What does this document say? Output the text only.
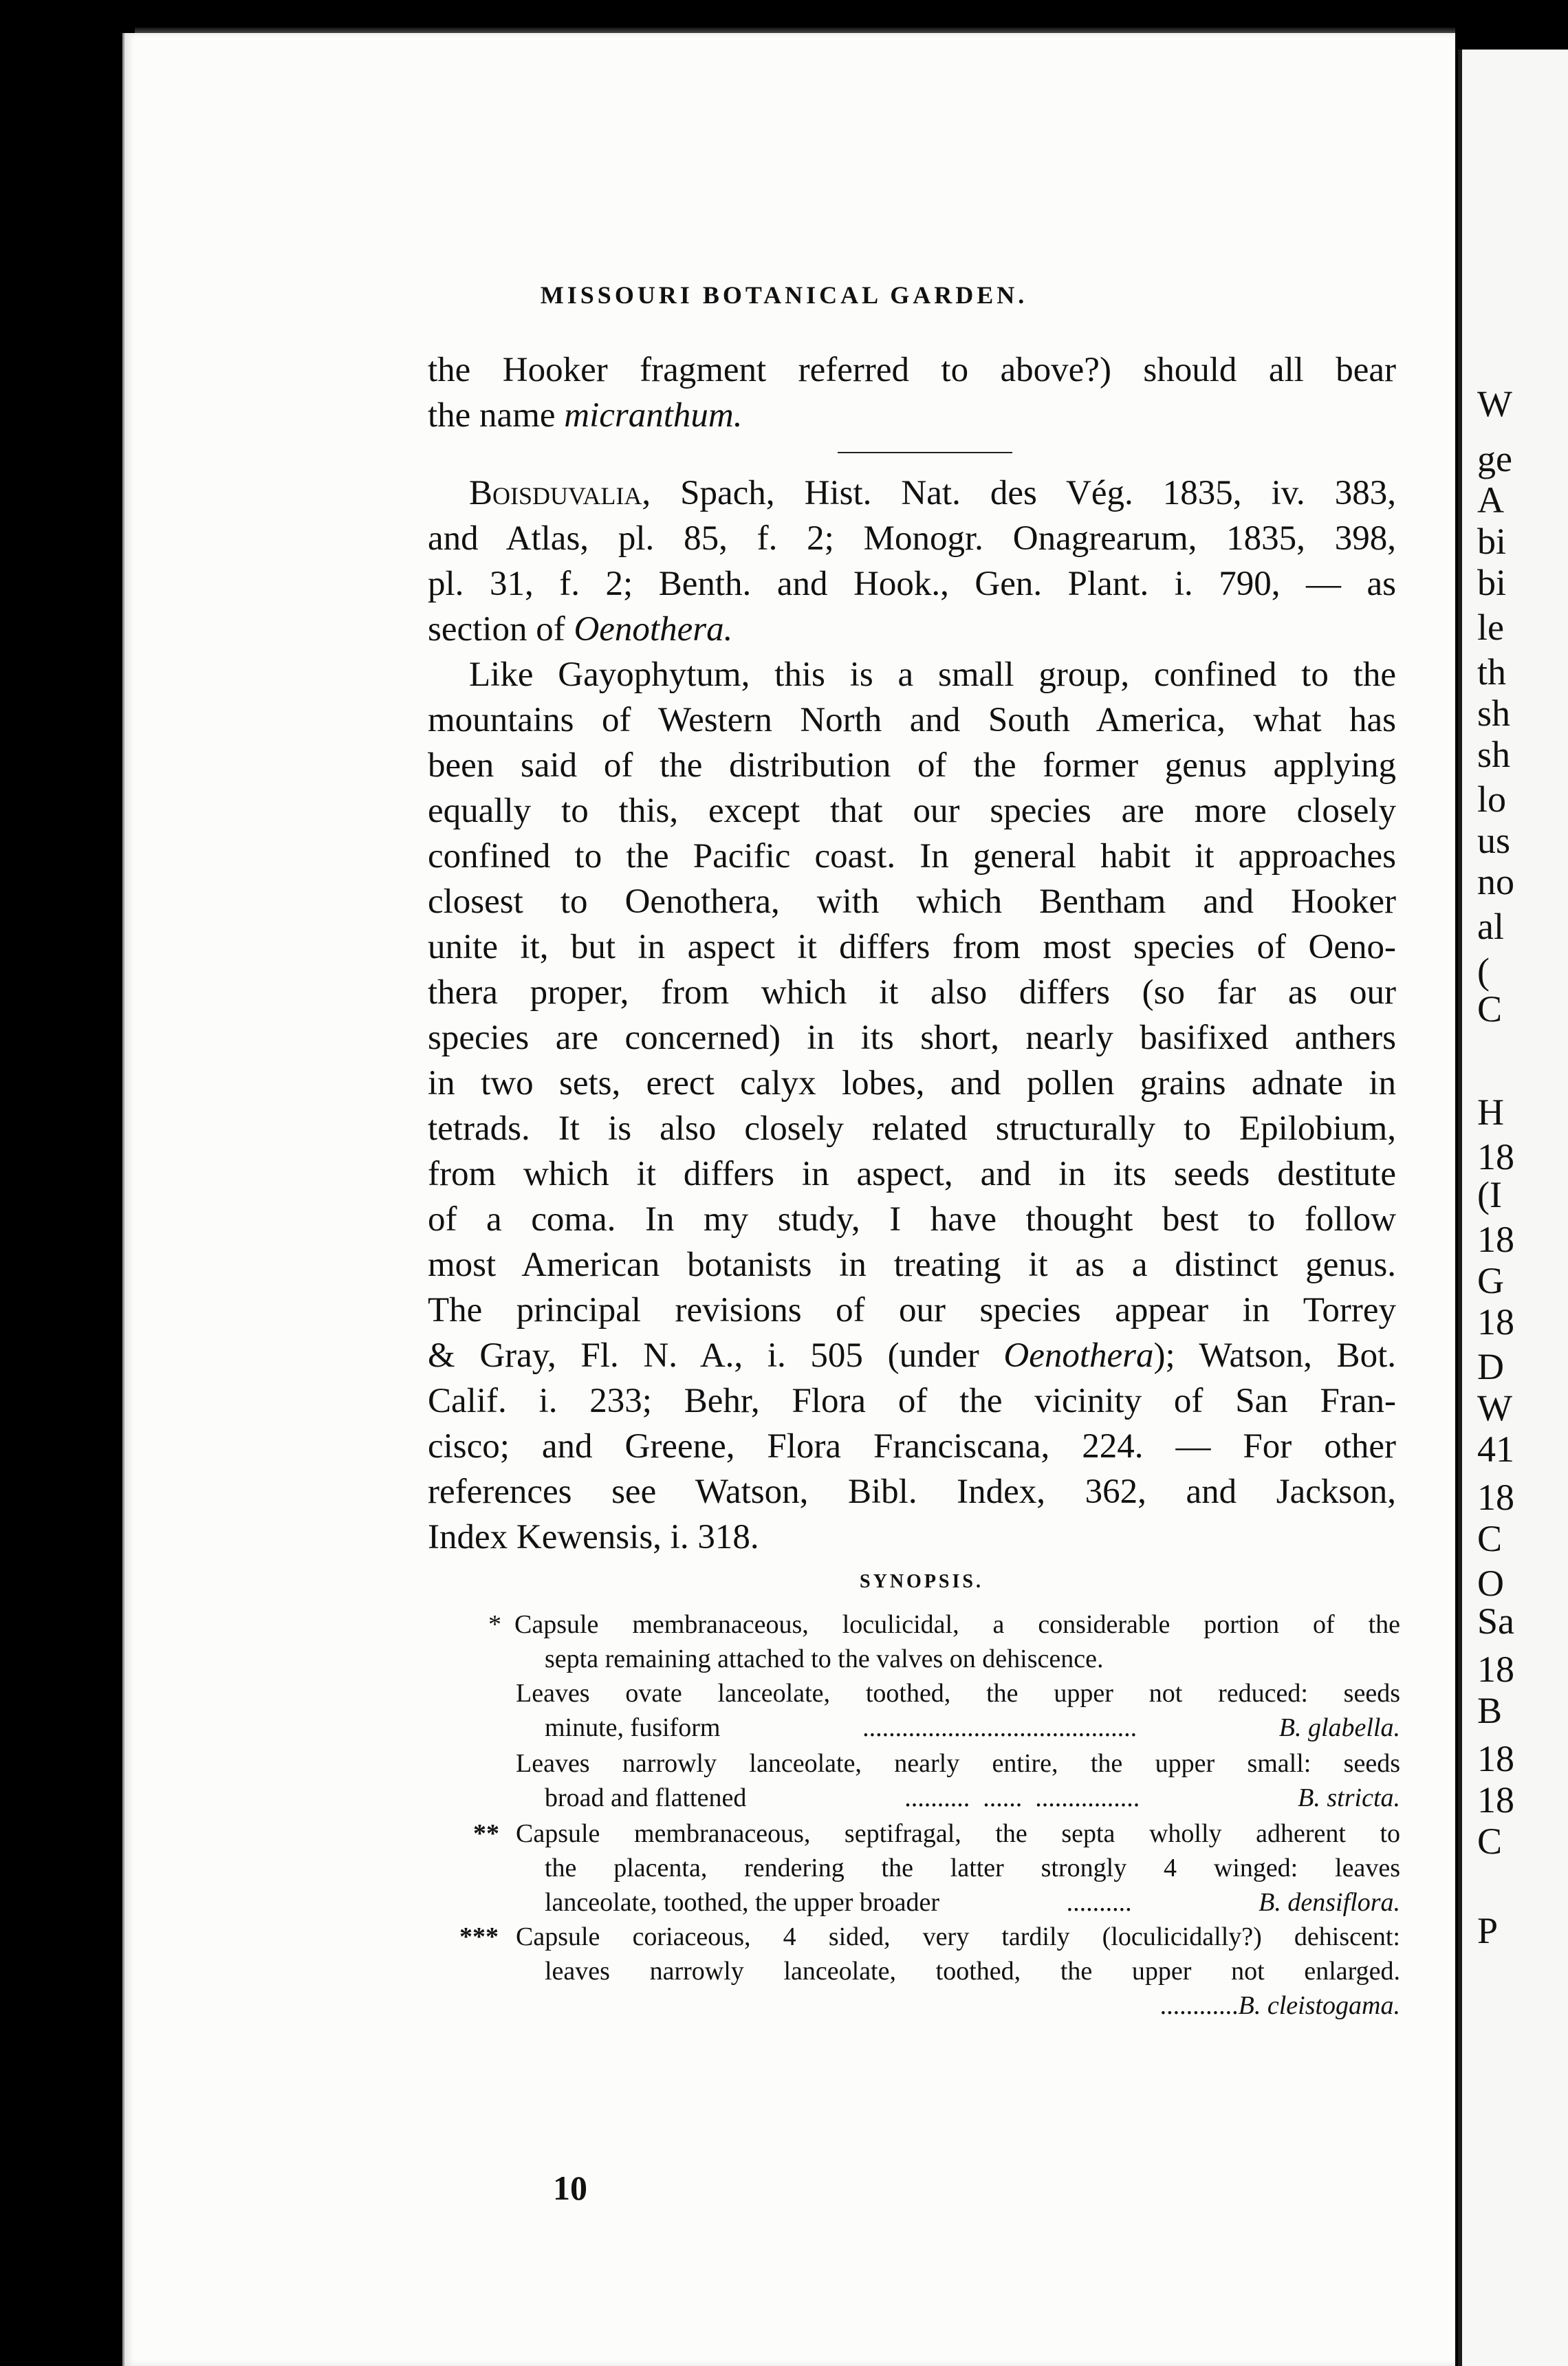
W
ge
A
bi
bi
le
th
sh
sh
lo
us
no
al
(
C
H
18
(I
18
G
18
D
W
41
18
C
O
Sa
18
B
18
18
C
P
MISSOURI BOTANICAL GARDEN.
the Hooker fragment referred to above?) should all bear
the name micranthum.
Boisduvalia, Spach, Hist. Nat. des Vég. 1835, iv. 383,
and Atlas, pl. 85, f. 2; Monogr. Onagrearum, 1835, 398,
pl. 31, f. 2; Benth. and Hook., Gen. Plant. i. 790, — as
section of Oenothera.
Like Gayophytum, this is a small group, confined to the
mountains of Western North and South America, what has
been said of the distribution of the former genus applying
equally to this, except that our species are more closely
confined to the Pacific coast. In general habit it approaches
closest to Oenothera, with which Bentham and Hooker
unite it, but in aspect it differs from most species of Oeno-
thera proper, from which it also differs (so far as our
species are concerned) in its short, nearly basifixed anthers
in two sets, erect calyx lobes, and pollen grains adnate in
tetrads. It is also closely related structurally to Epilobium,
from which it differs in aspect, and in its seeds destitute
of a coma. In my study, I have thought best to follow
most American botanists in treating it as a distinct genus.
The principal revisions of our species appear in Torrey
& Gray, Fl. N. A., i. 505 (under Oenothera); Watson, Bot.
Calif. i. 233; Behr, Flora of the vicinity of San Fran-
cisco; and Greene, Flora Franciscana, 224. — For other
references see Watson, Bibl. Index, 362, and Jackson,
Index Kewensis, i. 318.
SYNOPSIS.
* Capsule membranaceous, loculicidal, a considerable portion of the
septa remaining attached to the valves on dehiscence.
Leaves ovate lanceolate, toothed, the upper not reduced: seeds
minute, fusiform	..........................................	B. glabella.
Leaves narrowly lanceolate, nearly entire, the upper small: seeds
broad and flattened	..........  ......  ................	B. stricta.
** Capsule membranaceous, septifragal, the septa wholly adherent to
the placenta, rendering the latter strongly 4 winged: leaves
lanceolate, toothed, the upper broader	..........	B. densiflora.
*** Capsule coriaceous, 4 sided, very tardily (loculicidally?) dehiscent:
leaves narrowly lanceolate, toothed, the upper not enlarged.
............ B. cleistogama.
10
